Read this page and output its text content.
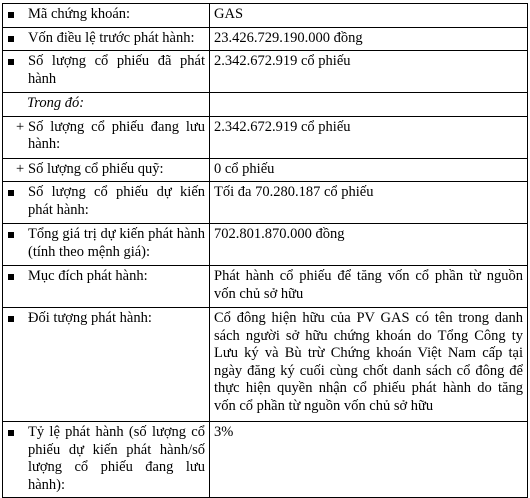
Mã chứng khoán:	GAS

Vốn điều lệ trước phát hành:	23.426.729.190.000 đồng

Số lượng cổ phiếu đã phát hành	2.342.672.919 cổ phiếu

Trong đó:	

+ Số lượng cổ phiếu đang lưu hành:	2.342.672.919 cổ phiếu

+ Số lượng cổ phiếu quỹ:	0 cổ phiếu

Số lượng cổ phiếu dự kiến phát hành:	Tối đa 70.280.187 cổ phiếu

Tổng giá trị dự kiến phát hành (tính theo mệnh giá):	702.801.870.000 đồng

Mục đích phát hành:	Phát hành cổ phiếu để tăng vốn cổ phần từ nguồn vốn chủ sở hữu

Đối tượng phát hành:	Cổ đông hiện hữu của PV GAS có tên trong danh sách người sở hữu chứng khoán do Tổng Công ty Lưu ký và Bù trừ Chứng khoán Việt Nam cấp tại ngày đăng ký cuối cùng chốt danh sách cổ đông để thực hiện quyền nhận cổ phiếu phát hành do tăng vốn cổ phần từ nguồn vốn chủ sở hữu

Tỷ lệ phát hành (số lượng cổ phiếu dự kiến phát hành/số lượng cổ phiếu đang lưu hành):	3%
